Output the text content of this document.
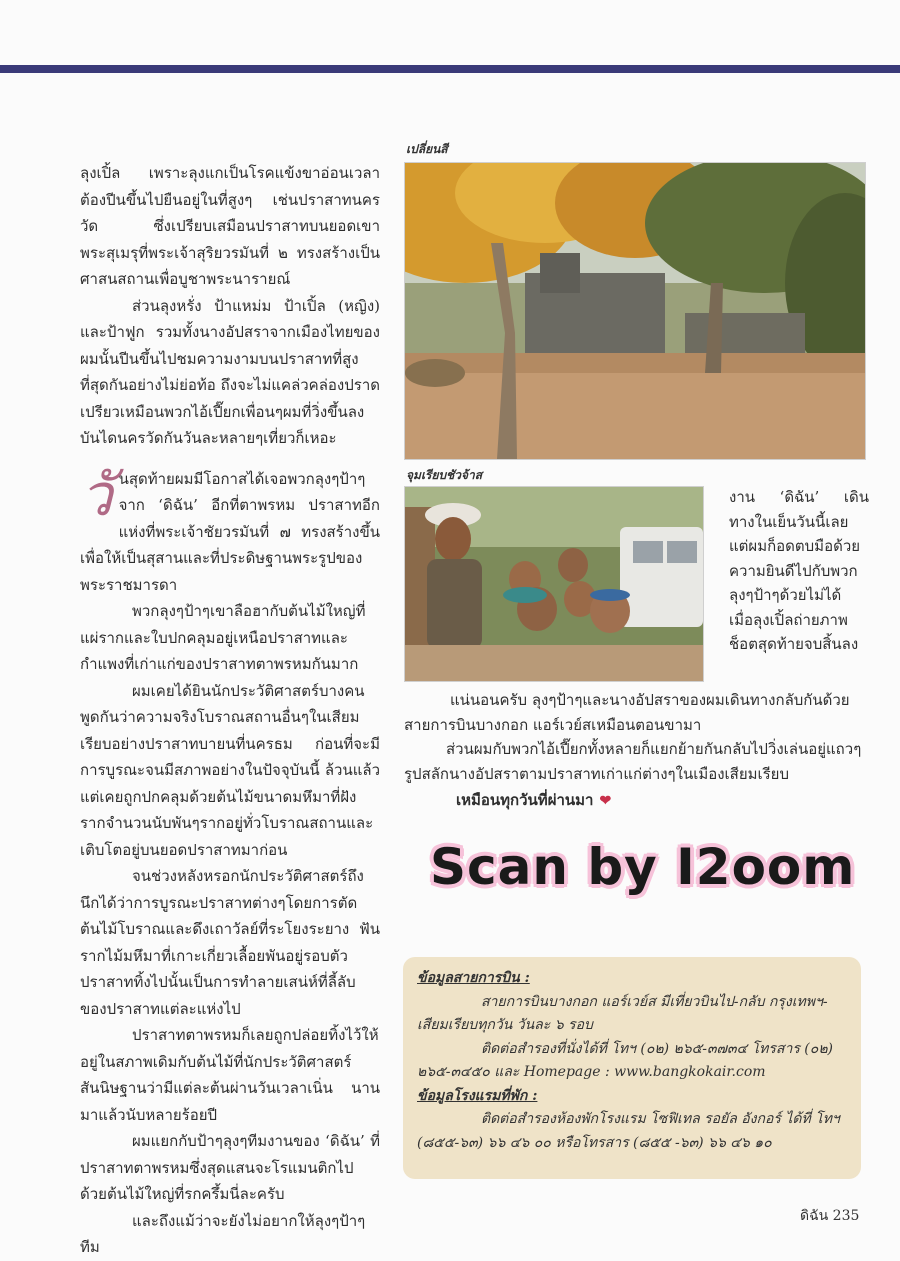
ลุงเปิ้ล เพราะลุงแกเป็นโรคแข้งขาอ่อนเวลาต้องปีนขึ้นไปยืนอยู่ในที่สูงๆ เช่นปราสาทนครวัด ซึ่งเปรียบเสมือนปราสาทบนยอดเขาพระสุเมรุที่พระเจ้าสุริยวรมันที่ ๒ ทรงสร้างเป็นศาสนสถานเพื่อบูชาพระนารายณ์

ส่วนลุงหรั่ง ป้าแหม่ม ป้าเปิ้ล (หญิง) และป้าฟูก รวมทั้งนางอัปสราจากเมืองไทยของผมนั้นปีนขึ้นไปชมความงามบนปราสาทที่สูงที่สุดกันอย่างไม่ย่อท้อ ถึงจะไม่แคล่วคล่องปราดเปรียวเหมือนพวกไอ้เปี๊ยกเพื่อนๆผมที่วิ่งขึ้นลงบันไดนครวัดกันวันละหลายๆเที่ยวก็เหอะ

วันสุดท้ายผมมีโอกาสได้เจอพวกลุงๆป้าๆ จาก ‘ดิฉัน’ อีกที่ตาพรหม ปราสาทอีกแห่งที่พระเจ้าชัยวรมันที่ ๗ ทรงสร้างขึ้นเพื่อให้เป็นสุสานและที่ประดิษฐานพระรูปของพระราชมารดา

พวกลุงๆป้าๆเขาลือฮากับต้นไม้ใหญ่ที่แผ่รากและใบปกคลุมอยู่เหนือปราสาทและกำแพงที่เก่าแก่ของปราสาทตาพรหมกันมาก

ผมเคยได้ยินนักประวัติศาสตร์บางคนพูดกันว่าความจริงโบราณสถานอื่นๆในเสียมเรียบอย่างปราสาทบายนที่นครธม ก่อนที่จะมีการบูรณะจนมีสภาพอย่างในปัจจุบันนี้ ล้วนแล้วแต่เคยถูกปกคลุมด้วยต้นไม้ขนาดมหึมาที่ฝังรากจำนวนนับพันๆรากอยู่ทั่วโบราณสถานและเติบโตอยู่บนยอดปราสาทมาก่อน

จนช่วงหลังหรอกนักประวัติศาสตร์ถึงนึกได้ว่าการบูรณะปราสาทต่างๆโดยการตัดต้นไม้โบราณและดึงเถาวัลย์ที่ระโยงระยาง ฟันรากไม้มหึมาที่เกาะเกี่ยวเลื้อยพันอยู่รอบตัวปราสาททิ้งไปนั้นเป็นการทำลายเสน่ห์ที่ลี้ลับของปราสาทแต่ละแห่งไป

ปราสาทตาพรหมก็เลยถูกปล่อยทิ้งไว้ให้อยู่ในสภาพเดิมกับต้นไม้ที่นักประวัติศาสตร์สันนิษฐานว่ามีแต่ละต้นผ่านวันเวลาเนิ่น นานมาแล้วนับหลายร้อยปี

ผมแยกกับป้าๆลุงๆทีมงานของ ‘ดิฉัน’ ที่ปราสาทตาพรหมซึ่งสุดแสนจะโรแมนติกไปด้วยต้นไม้ใหญ่ที่รกครึ้มนี่ละครับ

และถึงแม้ว่าจะยังไม่อยากให้ลุงๆป้าๆทีม

เปลี่ยนสี
จุมเรียบชัวจ้าส

งาน ‘ดิฉัน’ เดินทางในเย็นวันนี้เลย แต่ผมก็อดตบมือด้วยความยินดีไปกับพวกลุงๆป้าๆด้วยไม่ได้ เมื่อลุงเปิ้ลถ่ายภาพช็อตสุดท้ายจบสิ้นลง

แน่นอนครับ ลุงๆป้าๆและนางอัปสราของผมเดินทางกลับกันด้วยสายการบินบางกอก แอร์เวย์สเหมือนตอนขามา

ส่วนผมกับพวกไอ้เปี๊ยกทั้งหลายก็แยกย้ายกันกลับไปวิ่งเล่นอยู่แถวๆรูปสลักนางอัปสราตามปราสาทเก่าแก่ต่างๆในเมืองเสียมเรียบ

เหมือนทุกวันที่ผ่านมา ❤

Scan by I2oom

ข้อมูลสายการบิน :

สายการบินบางกอก แอร์เวย์ส มีเที่ยวบินไป-กลับ กรุงเทพฯ-เสียมเรียบทุกวัน วันละ ๖ รอบ

ติดต่อสำรองที่นั่งได้ที่ โทฯ (๐๒) ๒๖๕-๓๗๓๔ โทรสาร (๐๒) ๒๖๕-๓๔๕๐ และ Homepage : www.bangkokair.com

ข้อมูลโรงแรมที่พัก :

ติดต่อสำรองห้องพักโรงแรม โซฟิเทล รอยัล อังกอร์ ได้ที่ โทฯ (๘๕๕-๖๓) ๖๖ ๔๖ ๐๐ หรือโทรสาร (๘๕๕ -๖๓) ๖๖ ๔๖ ๑๐

ดิฉัน 235
